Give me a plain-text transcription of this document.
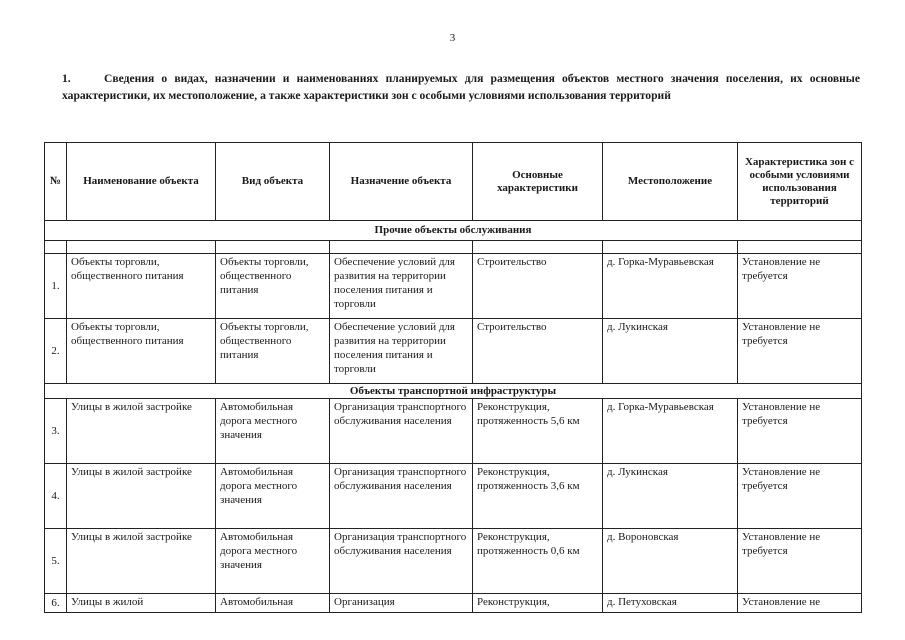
3
1.	Сведения о видах, назначении и наименованиях планируемых для размещения объектов местного значения поселения, их основные характеристики, их местоположение, а также характеристики зон с особыми условиями использования территорий
№	Наименование объекта	Вид объекта	Назначение объекта	Основные характеристики	Местоположение	Характеристика зон с особыми условиями использования территорий
Прочие объекты обслуживания						

1.	Объекты торговли, общественного питания	Объекты торговли, общественного питания	Обеспечение условий для развития на территории поселения питания и торговли	Строительство	д. Горка-Муравьевская	Установление не требуется
2.	Объекты торговли, общественного питания	Объекты торговли, общественного питания	Обеспечение условий для развития на территории поселения питания и торговли	Строительство	д. Лукинская	Установление не требуется
Объекты транспортной инфраструктуры						
3.	Улицы в жилой застройке	Автомобильная дорога местного значения	Организация транспортного обслуживания населения	Реконструкция, протяженность 5,6 км	д. Горка-Муравьевская	Установление не требуется
4.	Улицы в жилой застройке	Автомобильная дорога местного значения	Организация транспортного обслуживания населения	Реконструкция, протяженность 3,6 км	д. Лукинская	Установление не требуется
5.	Улицы в жилой застройке	Автомобильная дорога местного значения	Организация транспортного обслуживания населения	Реконструкция, протяженность 0,6 км	д. Вороновская	Установление не требуется
6.	Улицы в жилой	Автомобильная	Организация	Реконструкция,	д. Петуховская	Установление не
